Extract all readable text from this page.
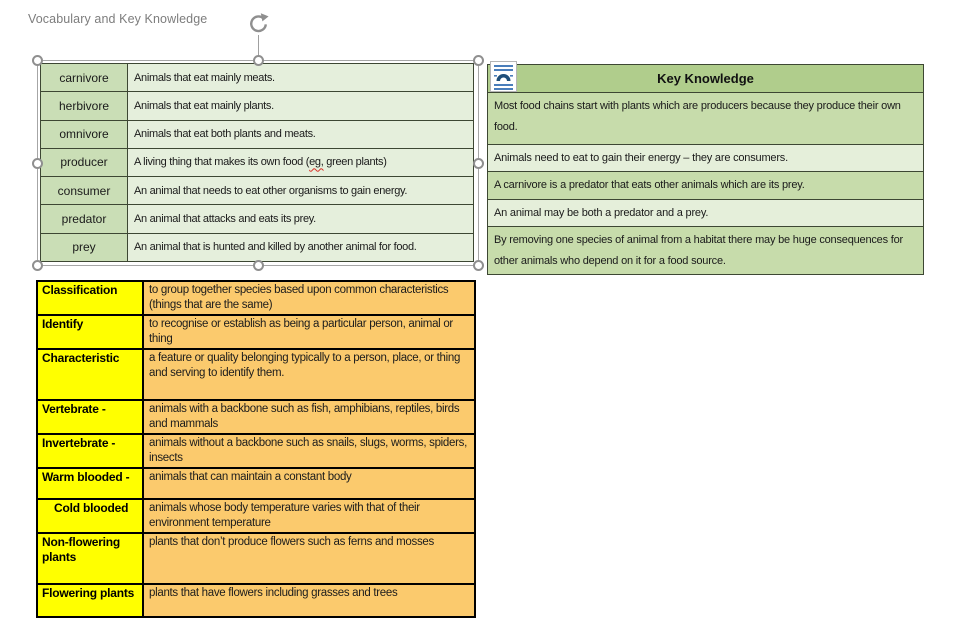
Vocabulary and Key Knowledge
carnivore	Animals that eat mainly meats.
herbivore	Animals that eat mainly plants.
omnivore	Animals that eat both plants and meats.
producer	A living thing that makes its own food (eg, green plants)
consumer	An animal that needs to eat other organisms to gain energy.
predator	An animal that attacks and eats its prey.
prey	An animal that is hunted and killed by another animal for food.
Key Knowledge
Most food chains start with plants which are producers because they produce their own food.
Animals need to eat to gain their energy – they are consumers.
A carnivore is a predator that eats other animals which are its prey.
An animal may be both a predator and a prey.
By removing one species of animal from a habitat there may be huge consequences for other animals who depend on it for a food source.
Classification	to group together species based upon common characteristics (things that are the same)
Identify	to recognise or establish as being a particular person, animal or thing
Characteristic	a feature or quality belonging typically to a person, place, or thing and serving to identify them.
Vertebrate -	animals with a backbone such as fish, amphibians, reptiles, birds and mammals
Invertebrate -	animals without a backbone such as snails, slugs, worms, spiders, insects
Warm blooded -	animals that can maintain a constant body
Cold blooded	animals whose body temperature varies with that of their environment temperature
Non-flowering plants	plants that don’t produce flowers such as ferns and mosses
Flowering plants	plants that have flowers including grasses and trees
